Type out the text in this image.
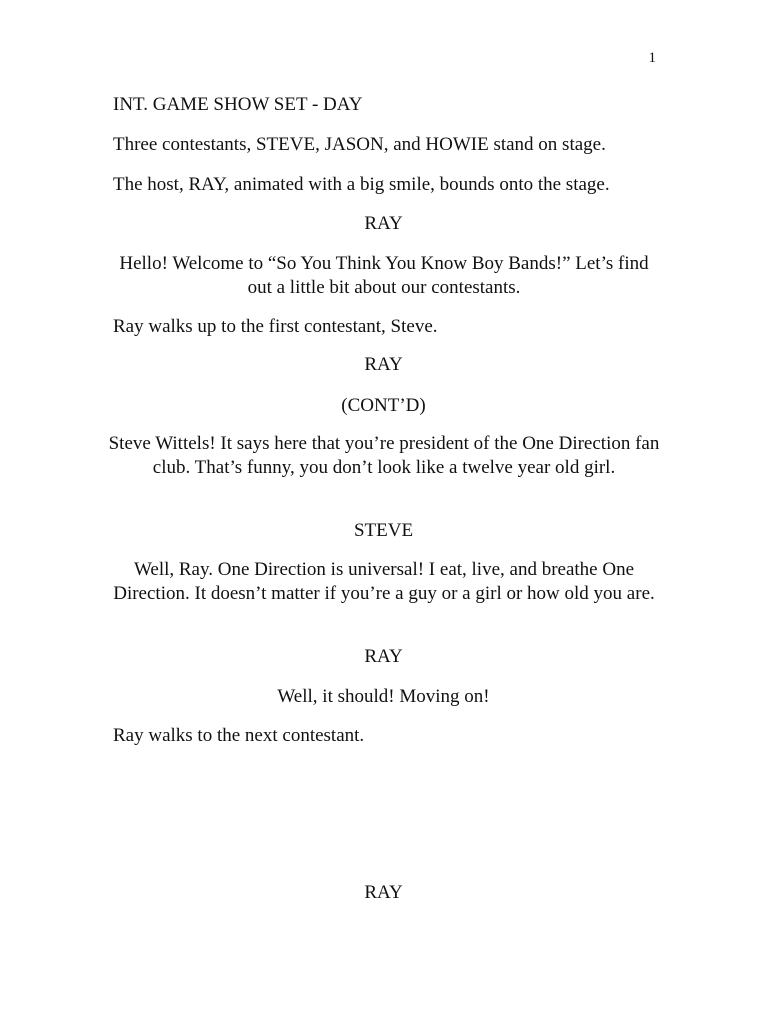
1

INT. GAME SHOW SET - DAY

Three contestants, STEVE, JASON, and HOWIE stand on stage.

The host, RAY, animated with a big smile, bounds onto the stage.

RAY

Hello! Welcome to “So You Think You Know Boy Bands!” Let’s find out a little bit about our contestants.

Ray walks up to the first contestant, Steve.

RAY

(CONT’D)

Steve Wittels! It says here that you’re president of the One Direction fan club. That’s funny, you don’t look like a twelve year old girl.

STEVE

Well, Ray. One Direction is universal! I eat, live, and breathe One Direction. It doesn’t matter if you’re a guy or a girl or how old you are.

RAY

Well, it should! Moving on!

Ray walks to the next contestant.

RAY
